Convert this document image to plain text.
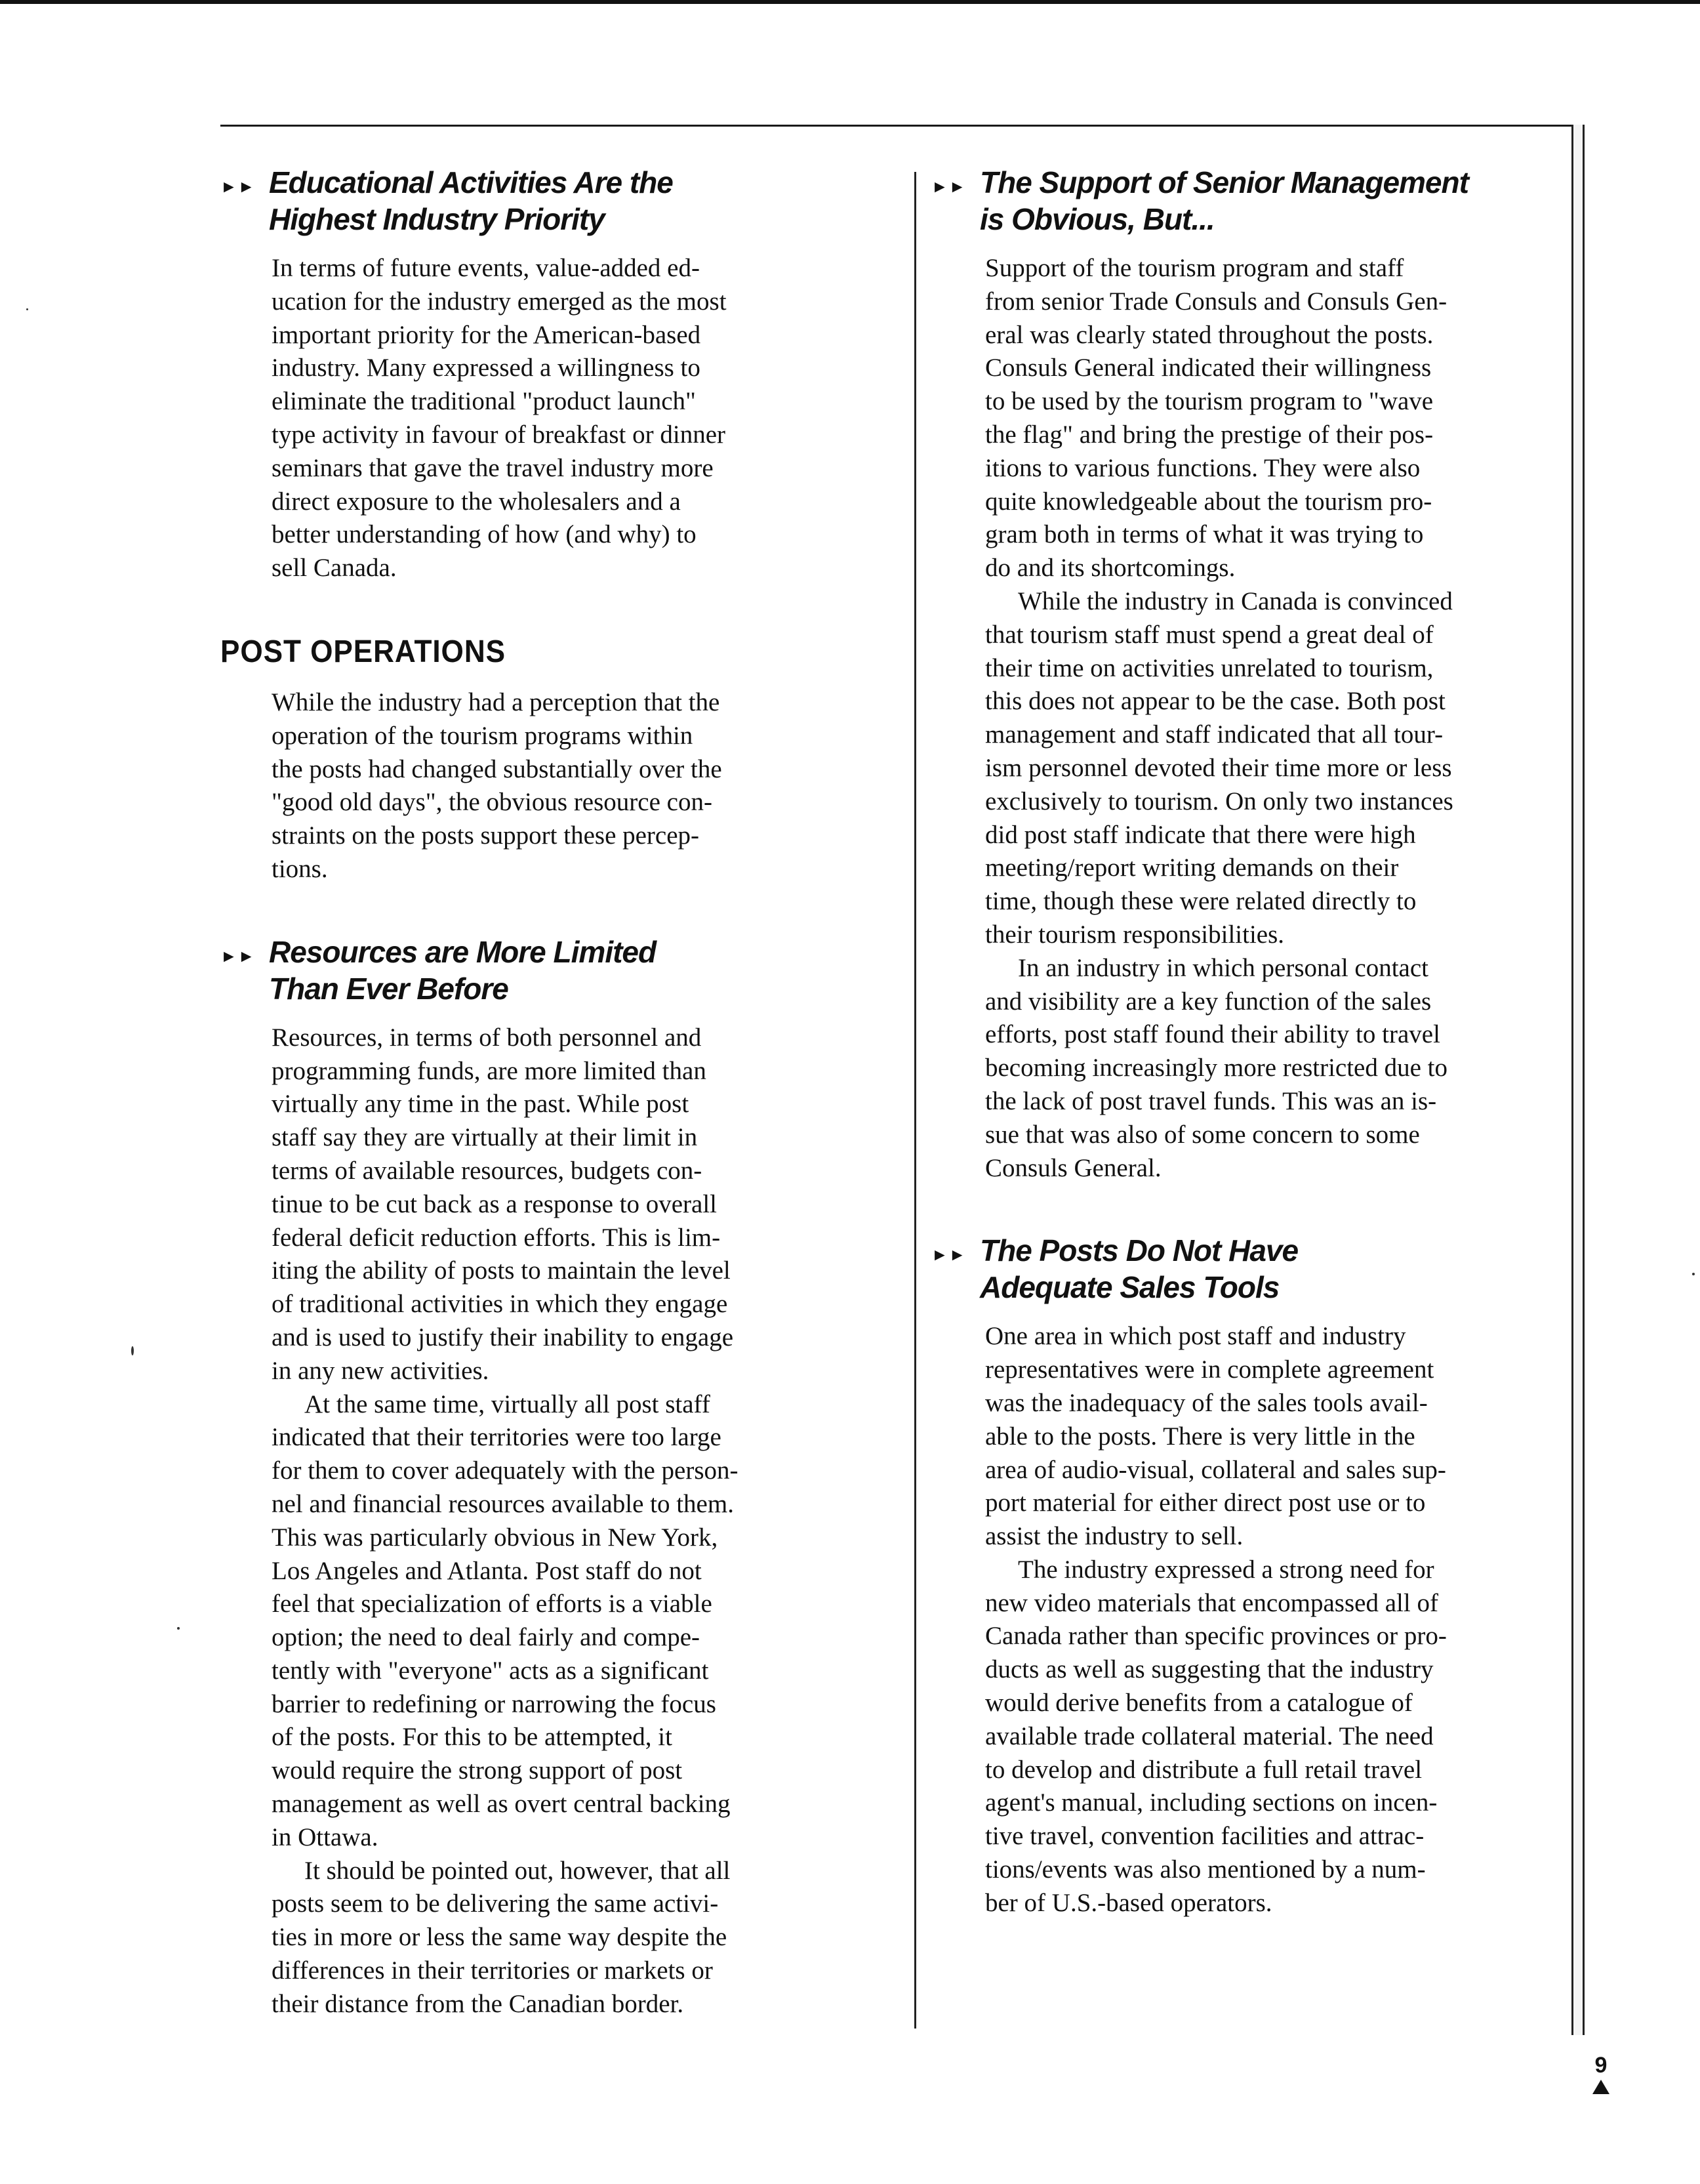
►► Educational Activities Are the
Highest Industry Priority
In terms of future events, value-added ed-
ucation for the industry emerged as the most
important priority for the American-based
industry. Many expressed a willingness to
eliminate the traditional "product launch"
type activity in favour of breakfast or dinner
seminars that gave the travel industry more
direct exposure to the wholesalers and a
better understanding of how (and why) to
sell Canada.
POST OPERATIONS
While the industry had a perception that the
operation of the tourism programs within
the posts had changed substantially over the
"good old days", the obvious resource con-
straints on the posts support these percep-
tions.
►► Resources are More Limited
Than Ever Before
Resources, in terms of both personnel and
programming funds, are more limited than
virtually any time in the past. While post
staff say they are virtually at their limit in
terms of available resources, budgets con-
tinue to be cut back as a response to overall
federal deficit reduction efforts. This is lim-
iting the ability of posts to maintain the level
of traditional activities in which they engage
and is used to justify their inability to engage
in any new activities.
At the same time, virtually all post staff
indicated that their territories were too large
for them to cover adequately with the person-
nel and financial resources available to them.
This was particularly obvious in New York,
Los Angeles and Atlanta. Post staff do not
feel that specialization of efforts is a viable
option; the need to deal fairly and compe-
tently with "everyone" acts as a significant
barrier to redefining or narrowing the focus
of the posts. For this to be attempted, it
would require the strong support of post
management as well as overt central backing
in Ottawa.
It should be pointed out, however, that all
posts seem to be delivering the same activi-
ties in more or less the same way despite the
differences in their territories or markets or
their distance from the Canadian border.
►► The Support of Senior Management
is Obvious, But...
Support of the tourism program and staff
from senior Trade Consuls and Consuls Gen-
eral was clearly stated throughout the posts.
Consuls General indicated their willingness
to be used by the tourism program to "wave
the flag" and bring the prestige of their pos-
itions to various functions. They were also
quite knowledgeable about the tourism pro-
gram both in terms of what it was trying to
do and its shortcomings.
While the industry in Canada is convinced
that tourism staff must spend a great deal of
their time on activities unrelated to tourism,
this does not appear to be the case. Both post
management and staff indicated that all tour-
ism personnel devoted their time more or less
exclusively to tourism. On only two instances
did post staff indicate that there were high
meeting/report writing demands on their
time, though these were related directly to
their tourism responsibilities.
In an industry in which personal contact
and visibility are a key function of the sales
efforts, post staff found their ability to travel
becoming increasingly more restricted due to
the lack of post travel funds. This was an is-
sue that was also of some concern to some
Consuls General.
►► The Posts Do Not Have
Adequate Sales Tools
One area in which post staff and industry
representatives were in complete agreement
was the inadequacy of the sales tools avail-
able to the posts. There is very little in the
area of audio-visual, collateral and sales sup-
port material for either direct post use or to
assist the industry to sell.
The industry expressed a strong need for
new video materials that encompassed all of
Canada rather than specific provinces or pro-
ducts as well as suggesting that the industry
would derive benefits from a catalogue of
available trade collateral material. The need
to develop and distribute a full retail travel
agent's manual, including sections on incen-
tive travel, convention facilities and attrac-
tions/events was also mentioned by a num-
ber of U.S.-based operators.
9
